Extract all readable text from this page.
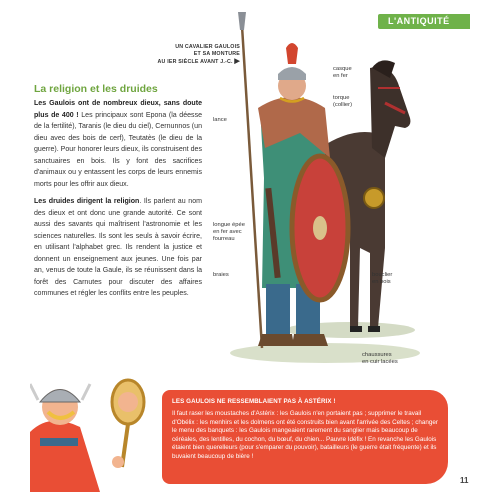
L'ANTIQUITÉ
UN CAVALIER GAULOIS
ET SA MONTURE
AU IER SIÈCLE AVANT J.-C. ▶
La religion et les druides

Les Gaulois ont de nombreux dieux, sans doute plus de 400 ! Les principaux sont Epona (la déesse de la fertilité), Taranis (le dieu du ciel), Cernunnos (un dieu avec des bois de cerf), Teutatès (le dieu de la guerre). Pour honorer leurs dieux, ils construisent des sanctuaires en bois. Ils y font des sacrifices d'animaux ou y entassent les corps de leurs ennemis morts pour les offrir aux dieux.

Les druides dirigent la religion. Ils parlent au nom des dieux et ont donc une grande autorité. Ce sont aussi des savants qui maîtrisent l'astronomie et les sciences naturelles. Ils sont les seuls à savoir écrire, en utilisant l'alphabet grec. Ils rendent la justice et donnent un enseignement aux jeunes. Une fois par an, venus de toute la Gaule, ils se réunissent dans la forêt des Carnutes pour discuter des affaires communes et régler les conflits entre les peuples.

casque
en fer
torque
(collier)
lance
longue épée
en fer avec
fourreau
braies	bouclier
en bois
chaussures
en cuir lacées
LES GAULOIS NE RESSEMBLAIENT PAS À ASTÉRIX !
Il faut raser les moustaches d'Astérix : les Gaulois n'en portaient pas ; supprimer le travail d'Obélix : les menhirs et les dolmens ont été construits bien avant l'arrivée des Celtes ; changer le menu des banquets : les Gaulois mangeaient rarement du sanglier mais beaucoup de céréales, des lentilles, du cochon, du bœuf, du chien... Pauvre Idéfix ! En revanche les Gaulois étaient bien querelleurs (pour s'emparer du pouvoir), batailleurs (le guerre était fréquente) et ils buvaient beaucoup de bière !
11
